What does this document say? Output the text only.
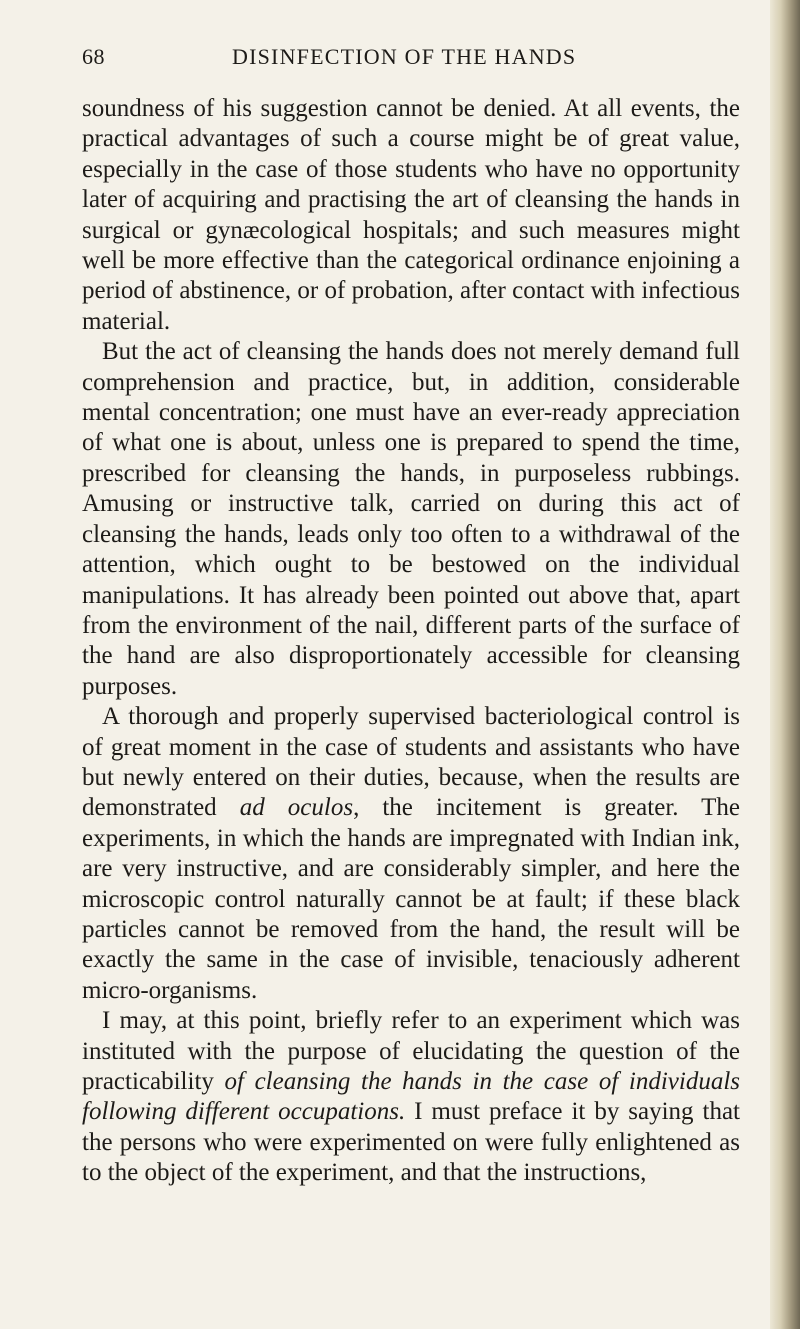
68	DISINFECTION OF THE HANDS

soundness of his suggestion cannot be denied. At all events, the practical advantages of such a course might be of great value, especially in the case of those students who have no opportunity later of acquiring and practising the art of cleansing the hands in surgical or gynæcological hospitals; and such measures might well be more effective than the categorical ordinance enjoining a period of abstinence, or of probation, after contact with infectious material.

But the act of cleansing the hands does not merely demand full comprehension and practice, but, in addition, considerable mental concentration; one must have an ever-ready appreciation of what one is about, unless one is prepared to spend the time, prescribed for cleansing the hands, in purposeless rubbings. Amusing or instructive talk, carried on during this act of cleansing the hands, leads only too often to a withdrawal of the attention, which ought to be bestowed on the individual manipulations. It has already been pointed out above that, apart from the environment of the nail, different parts of the surface of the hand are also disproportionately accessible for cleansing purposes.

A thorough and properly supervised bacteriological control is of great moment in the case of students and assistants who have but newly entered on their duties, because, when the results are demonstrated ad oculos, the incitement is greater. The experiments, in which the hands are impregnated with Indian ink, are very instructive, and are considerably simpler, and here the microscopic control naturally cannot be at fault; if these black particles cannot be removed from the hand, the result will be exactly the same in the case of invisible, tenaciously adherent micro-organisms.

I may, at this point, briefly refer to an experiment which was instituted with the purpose of elucidating the question of the practicability of cleansing the hands in the case of individuals following different occupations. I must preface it by saying that the persons who were experimented on were fully enlightened as to the object of the experiment, and that the instructions,
